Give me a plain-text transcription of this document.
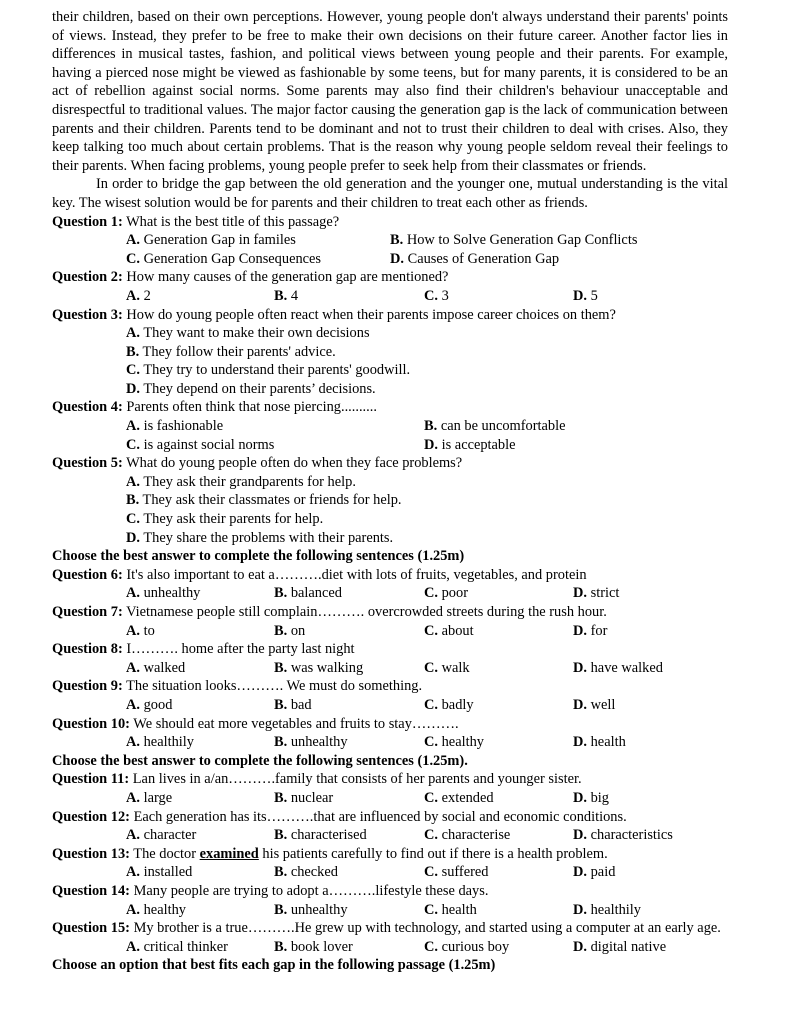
their children, based on their own perceptions. However, young people don't always understand their parents' points of views. Instead, they prefer to be free to make their own decisions on their future career. Another factor lies in differences in musical tastes, fashion, and political views between young people and their parents. For example, having a pierced nose might be viewed as fashionable by some teens, but for many parents, it is considered to be an act of rebellion against social norms. Some parents may also find their children's behaviour unacceptable and disrespectful to traditional values. The major factor causing the generation gap is the lack of communication between parents and their children. Parents tend to be dominant and not to trust their children to deal with crises. Also, they keep talking too much about certain problems. That is the reason why young people seldom reveal their feelings to their parents. When facing problems, young people prefer to seek help from their classmates or friends.

In order to bridge the gap between the old generation and the younger one, mutual understanding is the vital key. The wisest solution would be for parents and their children to treat each other as friends.

Question 1: What is the best title of this passage?
A. Generation Gap in familes	B. How to Solve Generation Gap Conflicts
C. Generation Gap Consequences	D. Causes of Generation Gap
Question 2: How many causes of the generation gap are mentioned?
A. 2	B. 4	C. 3	D. 5
Question 3: How do young people often react when their parents impose career choices on them?
A. They want to make their own decisions
B. They follow their parents' advice.
C. They try to understand their parents' goodwill.
D. They depend on their parents’ decisions.
Question 4: Parents often think that nose piercing..........
A. is fashionable	B. can be uncomfortable
C. is against social norms	D. is acceptable
Question 5: What do young people often do when they face problems?
A. They ask their grandparents for help.
B. They ask their classmates or friends for help.
C. They ask their parents for help.
D. They share the problems with their parents.
Choose the best answer to complete the following sentences (1.25m)
Question 6: It's also important to eat a……….diet with lots of fruits, vegetables, and protein
A. unhealthy	B. balanced	C. poor	D. strict
Question 7: Vietnamese people still complain………. overcrowded streets during the rush hour.
A. to	B. on	C. about	D. for
Question 8: I………. home after the party last night
A. walked	B. was walking	C. walk	D. have walked
Question 9: The situation looks………. We must do something.
A. good	B. bad	C. badly	D. well
Question 10: We should eat more vegetables and fruits to stay……….
A. healthily	B. unhealthy	C. healthy	D. health
Choose the best answer to complete the following sentences (1.25m).
Question 11: Lan lives in a/an……….family that consists of her parents and younger sister.
A. large	B. nuclear	C. extended	D. big
Question 12: Each generation has its……….that are influenced by social and economic conditions.
A. character	B. characterised	C. characterise	D. characteristics
Question 13: The doctor examined his patients carefully to find out if there is a health problem.
A. installed	B. checked	C. suffered	D. paid
Question 14: Many people are trying to adopt a……….lifestyle these days.
A. healthy	B. unhealthy	C. health	D. healthily
Question 15: My brother is a true……….He grew up with technology, and started using a computer at an early age.
A. critical thinker	B. book lover	C. curious boy	D. digital native
Choose an option that best fits each gap in the following passage (1.25m)
